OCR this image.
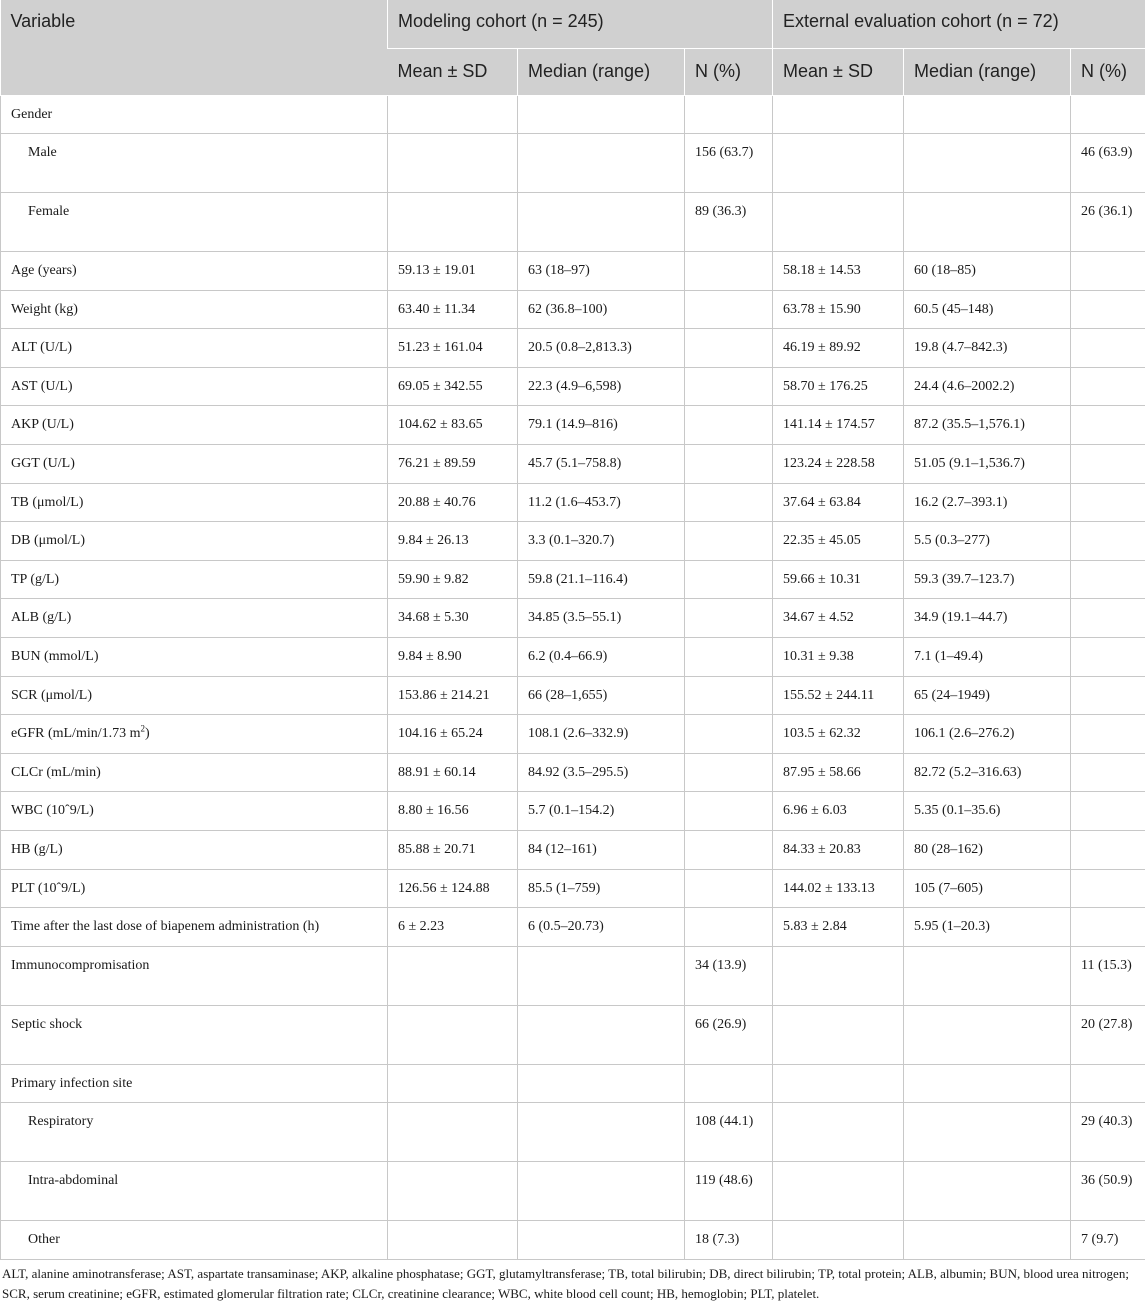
Variable	Modeling cohort (n = 245)			External evaluation cohort (n = 72)		
	Mean ± SD	Median (range)	N (%)	Mean ± SD	Median (range)	N (%)
Gender						
Male			156 (63.7)			46 (63.9)
Female			89 (36.3)			26 (36.1)
Age (years)	59.13 ± 19.01	63 (18–97)		58.18 ± 14.53	60 (18–85)	
Weight (kg)	63.40 ± 11.34	62 (36.8–100)		63.78 ± 15.90	60.5 (45–148)	
ALT (U/L)	51.23 ± 161.04	20.5 (0.8–2,813.3)		46.19 ± 89.92	19.8 (4.7–842.3)	
AST (U/L)	69.05 ± 342.55	22.3 (4.9–6,598)		58.70 ± 176.25	24.4 (4.6–2002.2)	
AKP (U/L)	104.62 ± 83.65	79.1 (14.9–816)		141.14 ± 174.57	87.2 (35.5–1,576.1)	
GGT (U/L)	76.21 ± 89.59	45.7 (5.1–758.8)		123.24 ± 228.58	51.05 (9.1–1,536.7)	
TB (μmol/L)	20.88 ± 40.76	11.2 (1.6–453.7)		37.64 ± 63.84	16.2 (2.7–393.1)	
DB (μmol/L)	9.84 ± 26.13	3.3 (0.1–320.7)		22.35 ± 45.05	5.5 (0.3–277)	
TP (g/L)	59.90 ± 9.82	59.8 (21.1–116.4)		59.66 ± 10.31	59.3 (39.7–123.7)	
ALB (g/L)	34.68 ± 5.30	34.85 (3.5–55.1)		34.67 ± 4.52	34.9 (19.1–44.7)	
BUN (mmol/L)	9.84 ± 8.90	6.2 (0.4–66.9)		10.31 ± 9.38	7.1 (1–49.4)	
SCR (μmol/L)	153.86 ± 214.21	66 (28–1,655)		155.52 ± 244.11	65 (24–1949)	
eGFR (mL/min/1.73 $m^2$)	104.16 ± 65.24	108.1 (2.6–332.9)		103.5 ± 62.32	106.1 (2.6–276.2)	
CLCr (mL/min)	88.91 ± 60.14	84.92 (3.5–295.5)		87.95 ± 58.66	82.72 (5.2–316.63)	
WBC (10ˆ9/L)	8.80 ± 16.56	5.7 (0.1–154.2)		6.96 ± 6.03	5.35 (0.1–35.6)	
HB (g/L)	85.88 ± 20.71	84 (12–161)		84.33 ± 20.83	80 (28–162)	
PLT (10ˆ9/L)	126.56 ± 124.88	85.5 (1–759)		144.02 ± 133.13	105 (7–605)	
Time after the last dose of biapenem administration (h)	6 ± 2.23	6 (0.5–20.73)		5.83 ± 2.84	5.95 (1–20.3)	
Immunocompromisation			34 (13.9)			11 (15.3)
Septic shock			66 (26.9)			20 (27.8)
Primary infection site						
Respiratory			108 (44.1)			29 (40.3)
Intra-abdominal			119 (48.6)			36 (50.9)
Other			18 (7.3)			7 (9.7)
ALT, alanine aminotransferase; AST, aspartate transaminase; AKP, alkaline phosphatase; GGT, glutamyltransferase; TB, total bilirubin; DB, direct bilirubin; TP, total protein; ALB, albumin; BUN, blood urea nitrogen; SCR, serum creatinine; eGFR, estimated glomerular filtration rate; CLCr, creatinine clearance; WBC, white blood cell count; HB, hemoglobin; PLT, platelet.
